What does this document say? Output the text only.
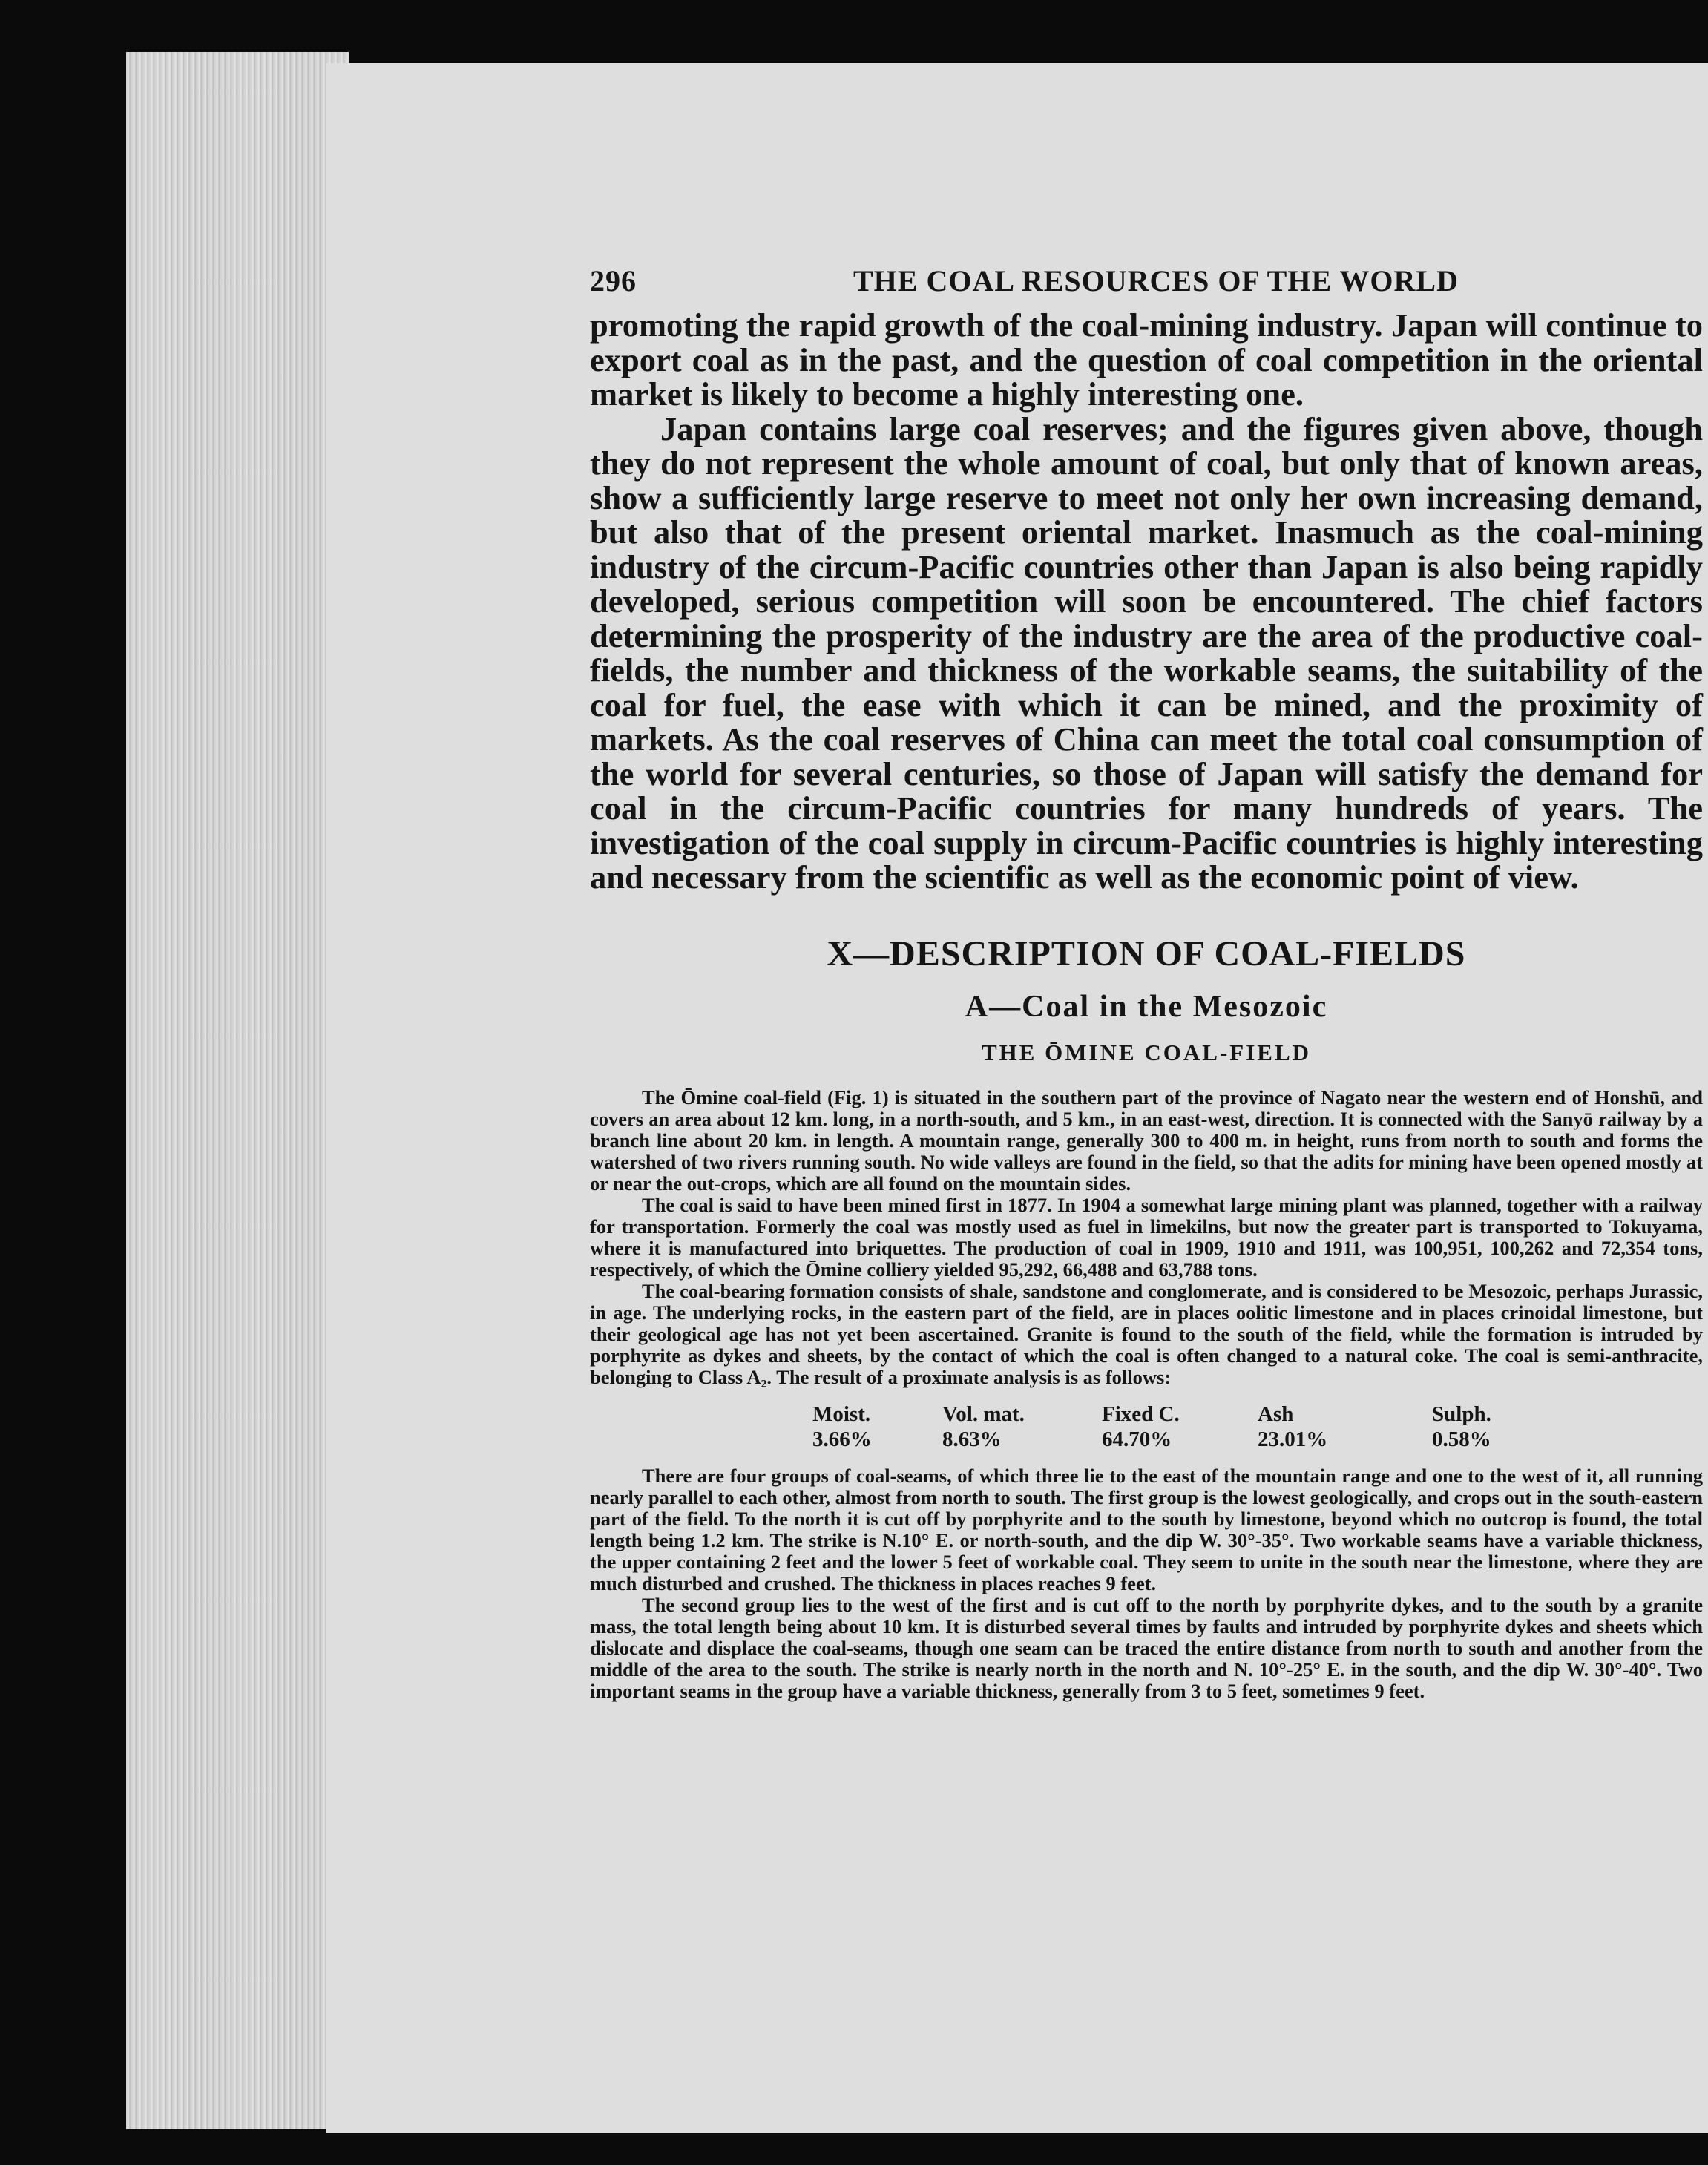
296	THE COAL RESOURCES OF THE WORLD

promoting the rapid growth of the coal-mining industry. Japan will continue to export coal as in the past, and the question of coal competition in the oriental market is likely to become a highly interesting one.

Japan contains large coal reserves; and the figures given above, though they do not represent the whole amount of coal, but only that of known areas, show a sufficiently large reserve to meet not only her own increasing demand, but also that of the present oriental market. Inasmuch as the coal-mining industry of the circum-Pacific countries other than Japan is also being rapidly developed, serious competition will soon be encountered. The chief factors determining the prosperity of the industry are the area of the productive coal-fields, the number and thickness of the workable seams, the suitability of the coal for fuel, the ease with which it can be mined, and the proximity of markets. As the coal reserves of China can meet the total coal consumption of the world for several centuries, so those of Japan will satisfy the demand for coal in the circum-Pacific countries for many hundreds of years. The investigation of the coal supply in circum-Pacific countries is highly interesting and necessary from the scientific as well as the economic point of view.

X—DESCRIPTION OF COAL-FIELDS
A—Coal in the Mesozoic
THE ŌMINE COAL-FIELD

The Ōmine coal-field (Fig. 1) is situated in the southern part of the province of Nagato near the western end of Honshū, and covers an area about 12 km. long, in a north-south, and 5 km., in an east-west, direction. It is connected with the Sanyō railway by a branch line about 20 km. in length. A mountain range, generally 300 to 400 m. in height, runs from north to south and forms the watershed of two rivers running south. No wide valleys are found in the field, so that the adits for mining have been opened mostly at or near the out-crops, which are all found on the mountain sides.

The coal is said to have been mined first in 1877. In 1904 a somewhat large mining plant was planned, together with a railway for transportation. Formerly the coal was mostly used as fuel in limekilns, but now the greater part is transported to Tokuyama, where it is manufactured into briquettes. The production of coal in 1909, 1910 and 1911, was 100,951, 100,262 and 72,354 tons, respectively, of which the Ōmine colliery yielded 95,292, 66,488 and 63,788 tons.

The coal-bearing formation consists of shale, sandstone and conglomerate, and is considered to be Mesozoic, perhaps Jurassic, in age. The underlying rocks, in the eastern part of the field, are in places oolitic limestone and in places crinoidal limestone, but their geological age has not yet been ascertained. Granite is found to the south of the field, while the formation is intruded by porphyrite as dykes and sheets, by the contact of which the coal is often changed to a natural coke. The coal is semi-anthracite, belonging to Class A₂. The result of a proximate analysis is as follows:

Moist.	Vol. mat.	Fixed C.	Ash	Sulph.
3.66%	8.63%	64.70%	23.01%	0.58%

There are four groups of coal-seams, of which three lie to the east of the mountain range and one to the west of it, all running nearly parallel to each other, almost from north to south. The first group is the lowest geologically, and crops out in the south-eastern part of the field. To the north it is cut off by porphyrite and to the south by limestone, beyond which no outcrop is found, the total length being 1.2 km. The strike is N.10° E. or north-south, and the dip W. 30°-35°. Two workable seams have a variable thickness, the upper containing 2 feet and the lower 5 feet of workable coal. They seem to unite in the south near the limestone, where they are much disturbed and crushed. The thickness in places reaches 9 feet.

The second group lies to the west of the first and is cut off to the north by porphyrite dykes, and to the south by a granite mass, the total length being about 10 km. It is disturbed several times by faults and intruded by porphyrite dykes and sheets which dislocate and displace the coal-seams, though one seam can be traced the entire distance from north to south and another from the middle of the area to the south. The strike is nearly north in the north and N. 10°-25° E. in the south, and the dip W. 30°-40°. Two important seams in the group have a variable thickness, generally from 3 to 5 feet, sometimes 9 feet.
